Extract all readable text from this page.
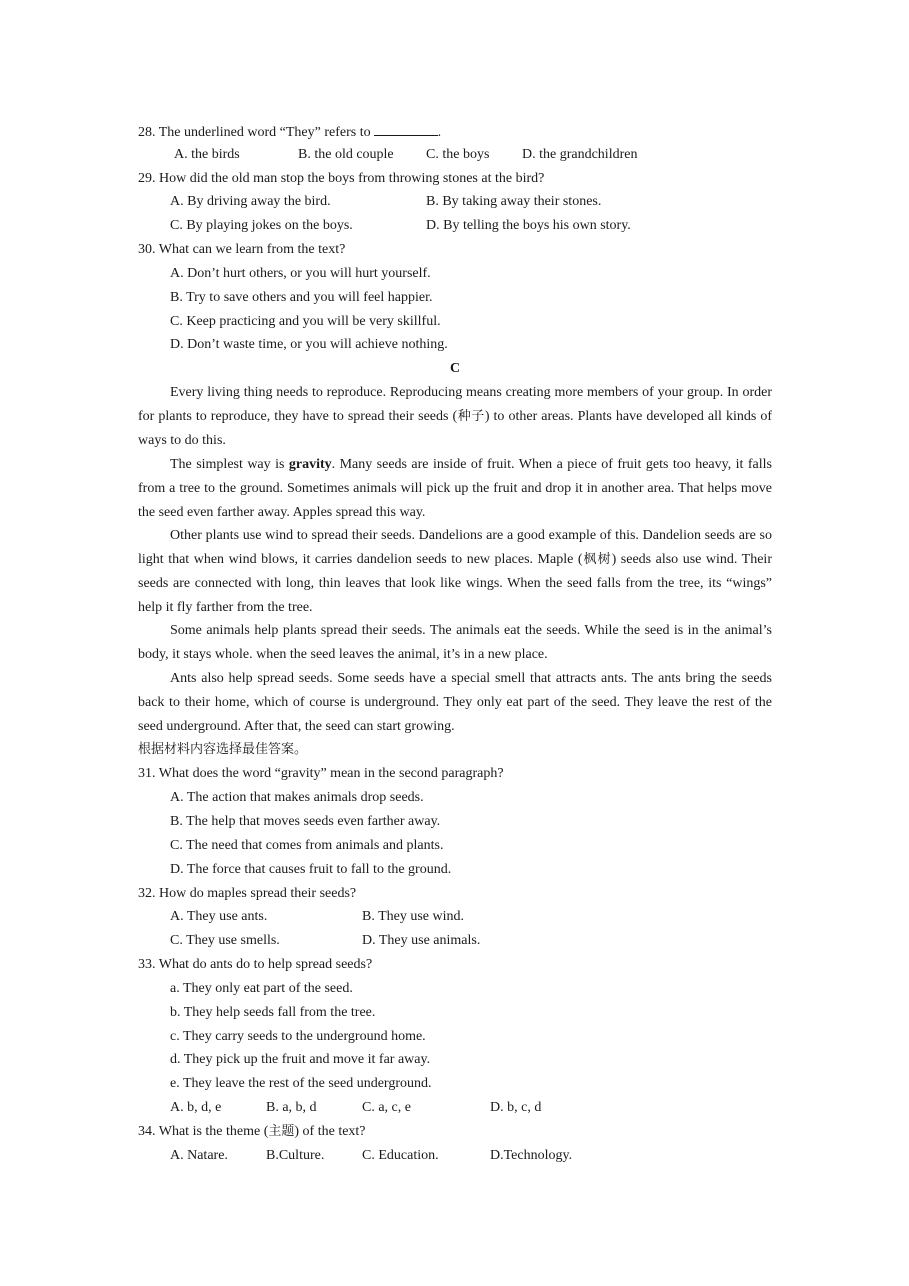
28. The underlined word “They” refers to	.
A. the birds	B. the old couple C. the boys D. the grandchildren
29. How did the old man stop the boys from throwing stones at the bird?
A. By driving away the bird.	B. By taking away their stones.
C. By playing jokes on the boys.	D. By telling the boys his own story.
30. What can we learn from the text?
A. Don’t hurt others, or you will hurt yourself.
B. Try to save others and you will feel happier.
C. Keep practicing and you will be very skillful.
D. Don’t waste time, or you will achieve nothing.
C
Every living thing needs to reproduce. Reproducing means creating more members of your group. In order for plants to reproduce, they have to spread their seeds (种子) to other areas. Plants have developed all kinds of ways to do this.
The simplest way is gravity. Many seeds are inside of fruit. When a piece of fruit gets too heavy, it falls from a tree to the ground. Sometimes animals will pick up the fruit and drop it in another area. That helps move the seed even farther away. Apples spread this way.
Other plants use wind to spread their seeds. Dandelions are a good example of this. Dandelion seeds are so light that when wind blows, it carries dandelion seeds to new places. Maple (枫树) seeds also use wind. Their seeds are connected with long, thin leaves that look like wings. When the seed falls from the tree, its “wings” help it fly farther from the tree.
Some animals help plants spread their seeds. The animals eat the seeds. While the seed is in the animal’s body, it stays whole. when the seed leaves the animal, it’s in a new place.
Ants also help spread seeds. Some seeds have a special smell that attracts ants. The ants bring the seeds back to their home, which of course is underground. They only eat part of the seed. They leave the rest of the seed underground. After that, the seed can start growing.
根据材料内容选择最佳答案。
31. What does the word “gravity” mean in the second paragraph?
A. The action that makes animals drop seeds.
B. The help that moves seeds even farther away.
C. The need that comes from animals and plants.
D. The force that causes fruit to fall to the ground.
32. How do maples spread their seeds?
A. They use ants.	B. They use wind.
C. They use smells.	D. They use animals.
33. What do ants do to help spread seeds?
a. They only eat part of the seed.
b. They help seeds fall from the tree.
c. They carry seeds to the underground home.
d. They pick up the fruit and move it far away.
e. They leave the rest of the seed underground.
A. b, d, e	B. a, b, d	C. a, c, e	D. b, c, d
34. What is the theme (主题) of the text?
A. Natare.	B.Culture.	C. Education.	D.Technology.
